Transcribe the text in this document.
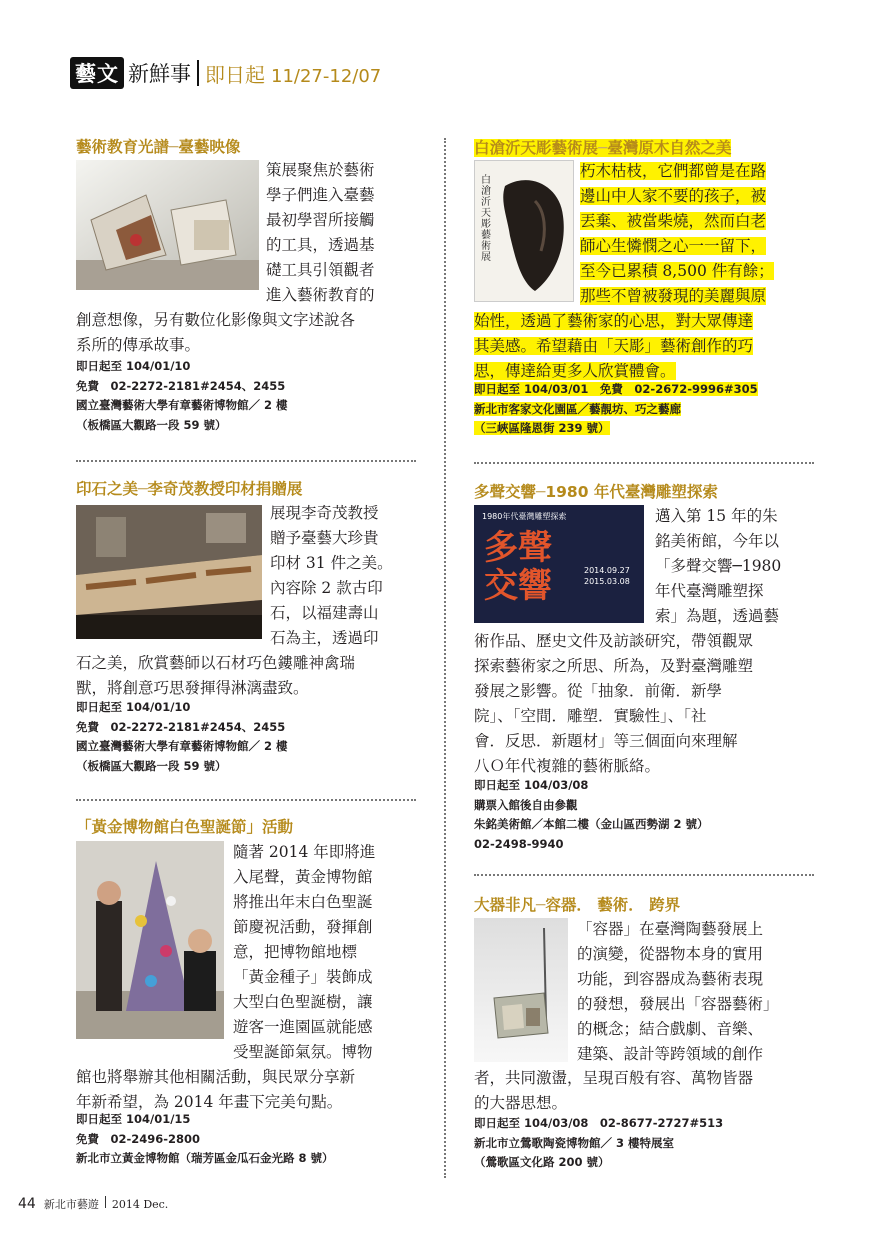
藝文 新鮮事 即日起 11/27-12/07
藝術教育光譜─臺藝映像

策展聚焦於藝術

學子們進入臺藝

最初學習所接觸

的工具，透過基

礎工具引領觀者

進入藝術教育的

創意想像，另有數位化影像與文字述說各

系所的傳承故事。

即日起至 104/01/10
免費　02-2272-2181#2454、2455
國立臺灣藝術大學有章藝術博物館／ 2 樓
（板橋區大觀路一段 59 號）
印石之美─李奇茂教授印材捐贈展

展現李奇茂教授

贈予臺藝大珍貴

印材 31 件之美。

內容除 2 款古印

石，以福建壽山

石為主，透過印

石之美，欣賞藝師以石材巧色鏤雕神禽瑞

獸，將創意巧思發揮得淋漓盡致。

即日起至 104/01/10
免費　02-2272-2181#2454、2455
國立臺灣藝術大學有章藝術博物館／ 2 樓
（板橋區大觀路一段 59 號）
「黃金博物館白色聖誕節」活動

隨著 2014 年即將進

入尾聲，黃金博物館

將推出年末白色聖誕

節慶祝活動，發揮創

意，把博物館地標

「黃金種子」裝飾成

大型白色聖誕樹，讓

遊客一進園區就能感

受聖誕節氣氛。博物

館也將舉辦其他相關活動，與民眾分享新

年新希望，為 2014 年畫下完美句點。

即日起至 104/01/15
免費　02-2496-2800
新北市立黃金博物館（瑞芳區金瓜石金光路 8 號）
白滄沂天彫藝術展─臺灣原木自然之美
白滄沂天彫藝術展

朽木枯枝，它們都曾是在路

邊山中人家不要的孩子，被

丟棄、被當柴燒，然而白老

師心生憐憫之心一一留下，

至今已累積 8,500 件有餘；

那些不曾被發現的美麗與原

始性，透過了藝術家的心思，對大眾傳達

其美感。希望藉由「天彫」藝術創作的巧

思，傳達給更多人欣賞體會。

即日起至 104/03/01　免費　02-2672-9996#305
新北市客家文化園區／藝靚坊、巧之藝廊
（三峽區隆恩街 239 號）
多聲交響─1980 年代臺灣雕塑探索
1980年代臺灣雕塑探索
多聲交響	2014.09.27
2015.03.08

邁入第 15 年的朱

銘美術館，今年以

「多聲交響─1980

年代臺灣雕塑探

索」為題，透過藝

術作品、歷史文件及訪談研究，帶領觀眾

探索藝術家之所思、所為，及對臺灣雕塑

發展之影響。從「抽象．前衛．新學

院」、「空間．雕塑．實驗性」、「社

會．反思．新題材」等三個面向來理解

八Ｏ年代複雜的藝術脈絡。

即日起至 104/03/08
購票入館後自由參觀
朱銘美術館／本館二樓（金山區西勢湖 2 號）
02-2498-9940
大器非凡─容器． 藝術． 跨界

「容器」在臺灣陶藝發展上

的演變，從器物本身的實用

功能，到容器成為藝術表現

的發想，發展出「容器藝術」

的概念；結合戲劇、音樂、

建築、設計等跨領域的創作

者，共同激盪，呈現百般有容、萬物皆器

的大器思想。

即日起至 104/03/08　02-8677-2727#513
新北市立鶯歌陶瓷博物館／ 3 樓特展室
（鶯歌區文化路 200 號）
44 新北市藝遊 2014 Dec.
